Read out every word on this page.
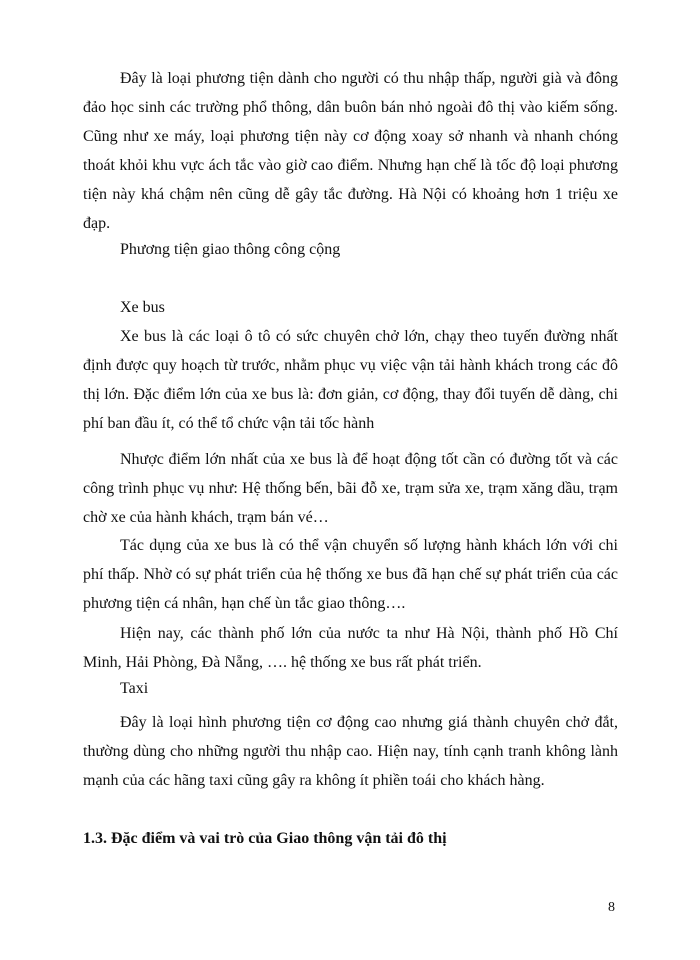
Đây là loại phương tiện dành cho người có thu nhập thấp, người già và đông đảo học sinh các trường phổ thông, dân buôn bán nhỏ ngoài đô thị vào kiếm sống. Cũng như xe máy, loại phương tiện này cơ động xoay sở nhanh và nhanh chóng thoát khỏi khu vực ách tắc vào giờ cao điểm. Nhưng hạn chế là tốc độ loại phương tiện này khá chậm nên cũng dễ gây tắc đường. Hà Nội có khoảng hơn 1 triệu xe đạp.

Phương tiện giao thông công cộng

Xe bus

Xe bus là các loại ô tô có sức chuyên chở lớn, chạy theo tuyến đường nhất định được quy hoạch từ trước, nhằm phục vụ việc vận tải hành khách trong các đô thị lớn. Đặc điểm lớn của xe bus là: đơn giản, cơ động, thay đổi tuyến dễ dàng, chi phí ban đầu ít, có thể tổ chức vận tải tốc hành

Nhược điểm lớn nhất của xe bus là để hoạt động tốt cần có đường tốt và các công trình phục vụ như: Hệ thống bến, bãi đỗ xe, trạm sửa xe, trạm xăng dầu, trạm chờ xe của hành khách, trạm bán vé…

Tác dụng của xe bus là có thể vận chuyển số lượng hành khách lớn với chi phí thấp. Nhờ có sự phát triển của hệ thống xe bus đã hạn chế sự phát triển của các phương tiện cá nhân, hạn chế ùn tắc giao thông….

Hiện nay, các thành phố lớn của nước ta như Hà Nội, thành phố Hồ Chí Minh, Hải Phòng, Đà Nẵng, …. hệ thống xe bus rất phát triển.

Taxi

Đây là loại hình phương tiện cơ động cao nhưng giá thành chuyên chở đắt, thường dùng cho những người thu nhập cao. Hiện nay, tính cạnh tranh không lành mạnh của các hãng taxi cũng gây ra không ít phiền toái cho khách hàng.

1.3. Đặc điểm và vai trò của Giao thông vận tải đô thị

8
